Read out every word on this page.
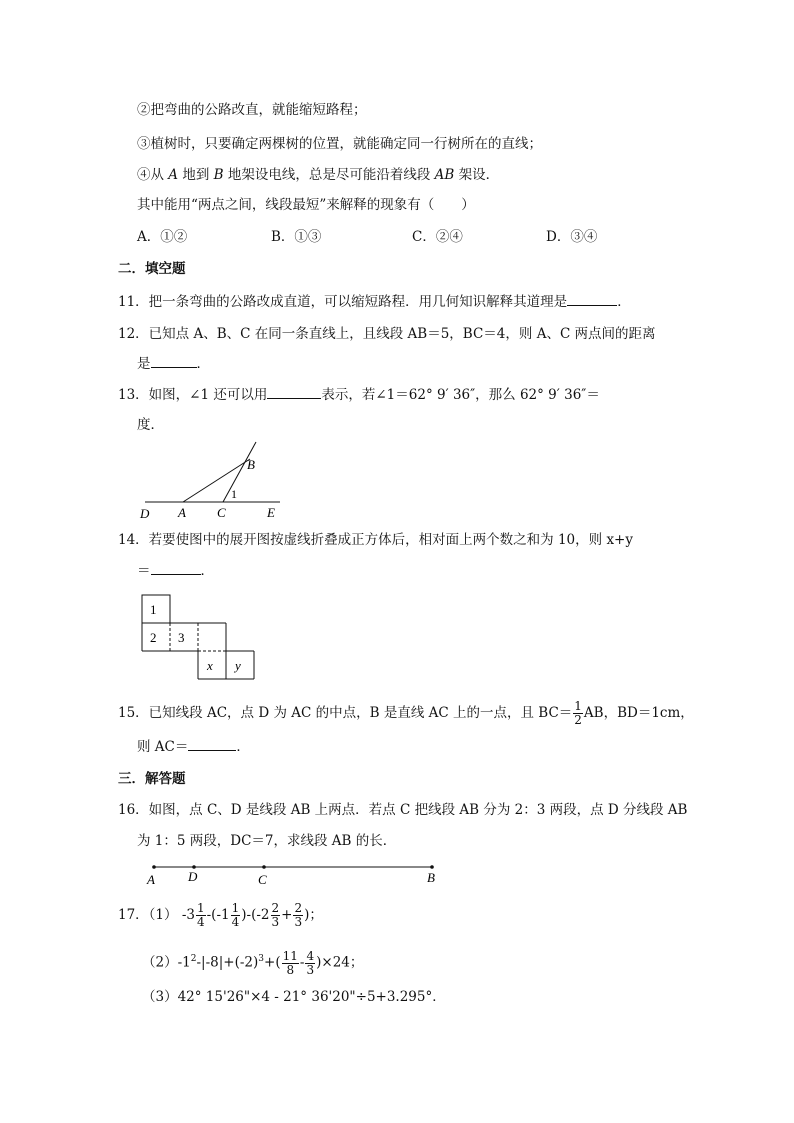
②把弯曲的公路改直，就能缩短路程；
③植树时，只要确定两棵树的位置，就能确定同一行树所在的直线；
④从 A 地到 B 地架设电线，总是尽可能沿着线段 AB 架设．
其中能用“两点之间，线段最短”来解释的现象有（　　）
A．①②	B．①③	C．②④	D．③④
二．填空题
11．把一条弯曲的公路改成直道，可以缩短路程．用几何知识解释其道理是	．
12．已知点 A、B、C 在同一条直线上，且线段 AB＝5，BC＝4，则 A、C 两点间的距离
是	．
13．如图，∠1 还可以用	表示，若∠1＝62° 9′ 36″，那么 62° 9′ 36″＝
度．
D A C	E
B
1
14．若要使图中的展开图按虚线折叠成正方体后，相对面上两个数之和为 10，则 x+y
＝	．
1
2 3
x y
15．已知线段 AC，点 D 为 AC 的中点，B 是直线 AC 上的一点，且 $BC= \frac{1}{2}$ AB，BD＝1cm，
则 AC＝	．
三．解答题
16．如图，点 C、D 是线段 AB 上两点．若点 C 把线段 AB 分为 2：3 两段，点 D 分线段 AB
为 1：5 两段，DC＝7，求线段 AB 的长．
A	D	C	B
17．（1） $-3 \frac{1}{4} -(-1 \frac{1}{4} )-(-2 \frac{2}{3} + \frac{2}{3}$ )；
$(2)-1^2-|-8|+(-2)^3+( \frac{11}{8} - \frac{4}{3} )\times 24$；
（3）42° 15'26"×4 - 21° 36'20"÷5+3.295°．
